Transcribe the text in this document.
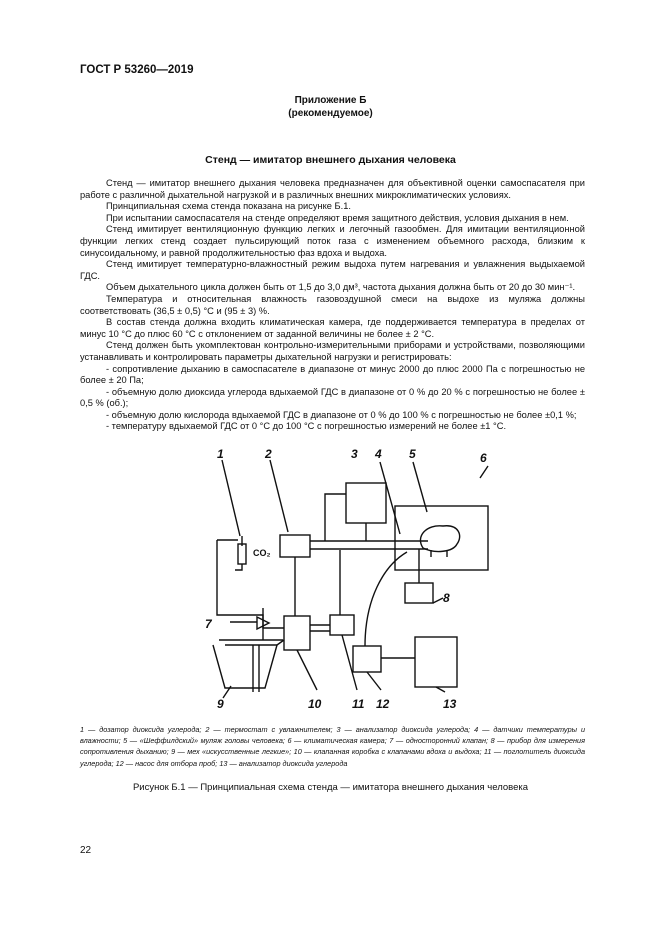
ГОСТ Р 53260—2019
Приложение Б
(рекомендуемое)
Стенд — имитатор внешнего дыхания человека

Стенд — имитатор внешнего дыхания человека предназначен для объективной оценки самоспасателя при работе с различной дыхательной нагрузкой и в различных внешних микроклиматических условиях.

Принципиальная схема стенда показана на рисунке Б.1.

При испытании самоспасателя на стенде определяют время защитного действия, условия дыхания в нем.

Стенд имитирует вентиляционную функцию легких и легочный газообмен. Для имитации вентиляционной функции легких стенд создает пульсирующий поток газа с изменением объемного расхода, близким к синусоидальному, и равной продолжительностью фаз вдоха и выдоха.

Стенд имитирует температурно-влажностный режим выдоха путем нагревания и увлажнения выдыхаемой ГДС.

Объем дыхательного цикла должен быть от 1,5 до 3,0 дм³, частота дыхания должна быть от 20 до 30 мин⁻¹.

Температура и относительная влажность газовоздушной смеси на выдохе из муляжа должны соответствовать (36,5 ± 0,5) °С и (95 ± 3) %.

В состав стенда должна входить климатическая камера, где поддерживается температура в пределах от минус 10 °С до плюс 60 °С с отклонением от заданной величины не более ± 2 °С.

Стенд должен быть укомплектован контрольно-измерительными приборами и устройствами, позволяющими устанавливать и контролировать параметры дыхательной нагрузки и регистрировать:

- сопротивление дыханию в самоспасателе в диапазоне от минус 2000 до плюс 2000 Па с погрешностью не более ± 20 Па;

- объемную долю диоксида углерода вдыхаемой ГДС в диапазоне от 0 % до 20 % с погрешностью не более ± 0,5 % (об.);

- объемную долю кислорода вдыхаемой ГДС в диапазоне от 0 % до 100 % с погрешностью не более ±0,1 %;

- температуру вдыхаемой ГДС от 0 °С до 100 °С с погрешностью измерений не более ±1 °С.

1	2	3 4 5	6
7
8
9	10	11 12	13
CO₂
1 — дозатор диоксида углерода; 2 — термостат с увлажнителем; 3 — анализатор диоксида углерода; 4 — датчики температуры и влажности; 5 — «Шеффилдский» муляж головы человека; 6 — климатическая камера; 7 — односторонний клапан; 8 — прибор для измерения сопротивления дыханию; 9 — мех «искусственные легкие»; 10 — клапанная коробка с клапанами вдоха и выдоха; 11 — поглотитель диоксида углерода; 12 — насос для отбора проб; 13 — анализатор диоксида углерода
Рисунок Б.1 — Принципиальная схема стенда — имитатора внешнего дыхания человека
22
